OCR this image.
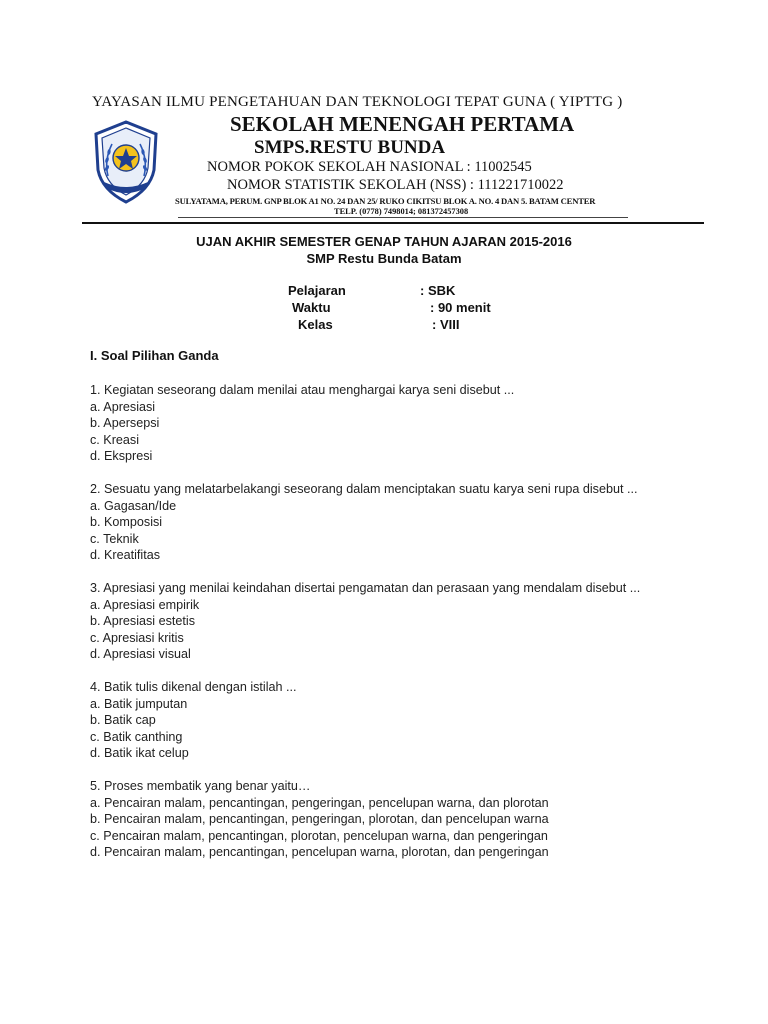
YAYASAN ILMU PENGETAHUAN DAN TEKNOLOGI TEPAT GUNA ( YIPTTG )
SEKOLAH MENENGAH PERTAMA
SMPS.RESTU BUNDA
NOMOR POKOK SEKOLAH NASIONAL : 11002545
NOMOR STATISTIK SEKOLAH (NSS) : 111221710022
SULYATAMA, PERUM. GNP BLOK A1 NO. 24 DAN 25/ RUKO CIKITSU BLOK A. NO. 4 DAN 5. BATAM CENTER
TELP. (0778) 7498014; 081372457308
UJAN AKHIR SEMESTER GENAP TAHUN AJARAN 2015-2016
SMP Restu Bunda Batam
Pelajaran	: SBK
Waktu	: 90 menit
Kelas	: VIII
I. Soal Pilihan Ganda
1. Kegiatan seseorang dalam menilai atau menghargai karya seni disebut ...
a. Apresiasi
b. Apersepsi
c. Kreasi
d. Ekspresi
2. Sesuatu yang melatarbelakangi seseorang dalam menciptakan suatu karya seni rupa disebut ...
a. Gagasan/Ide
b. Komposisi
c. Teknik
d. Kreatifitas
3. Apresiasi yang menilai keindahan disertai pengamatan dan perasaan yang mendalam disebut ...
a. Apresiasi empirik
b. Apresiasi estetis
c. Apresiasi kritis
d. Apresiasi visual
4. Batik tulis dikenal dengan istilah ...
a. Batik jumputan
b. Batik cap
c. Batik canthing
d. Batik ikat celup
5. Proses membatik yang benar yaitu…
a. Pencairan malam, pencantingan, pengeringan, pencelupan warna, dan plorotan
b. Pencairan malam, pencantingan, pengeringan, plorotan, dan pencelupan warna
c. Pencairan malam, pencantingan, plorotan, pencelupan warna, dan pengeringan
d. Pencairan malam, pencantingan, pencelupan warna, plorotan, dan pengeringan
